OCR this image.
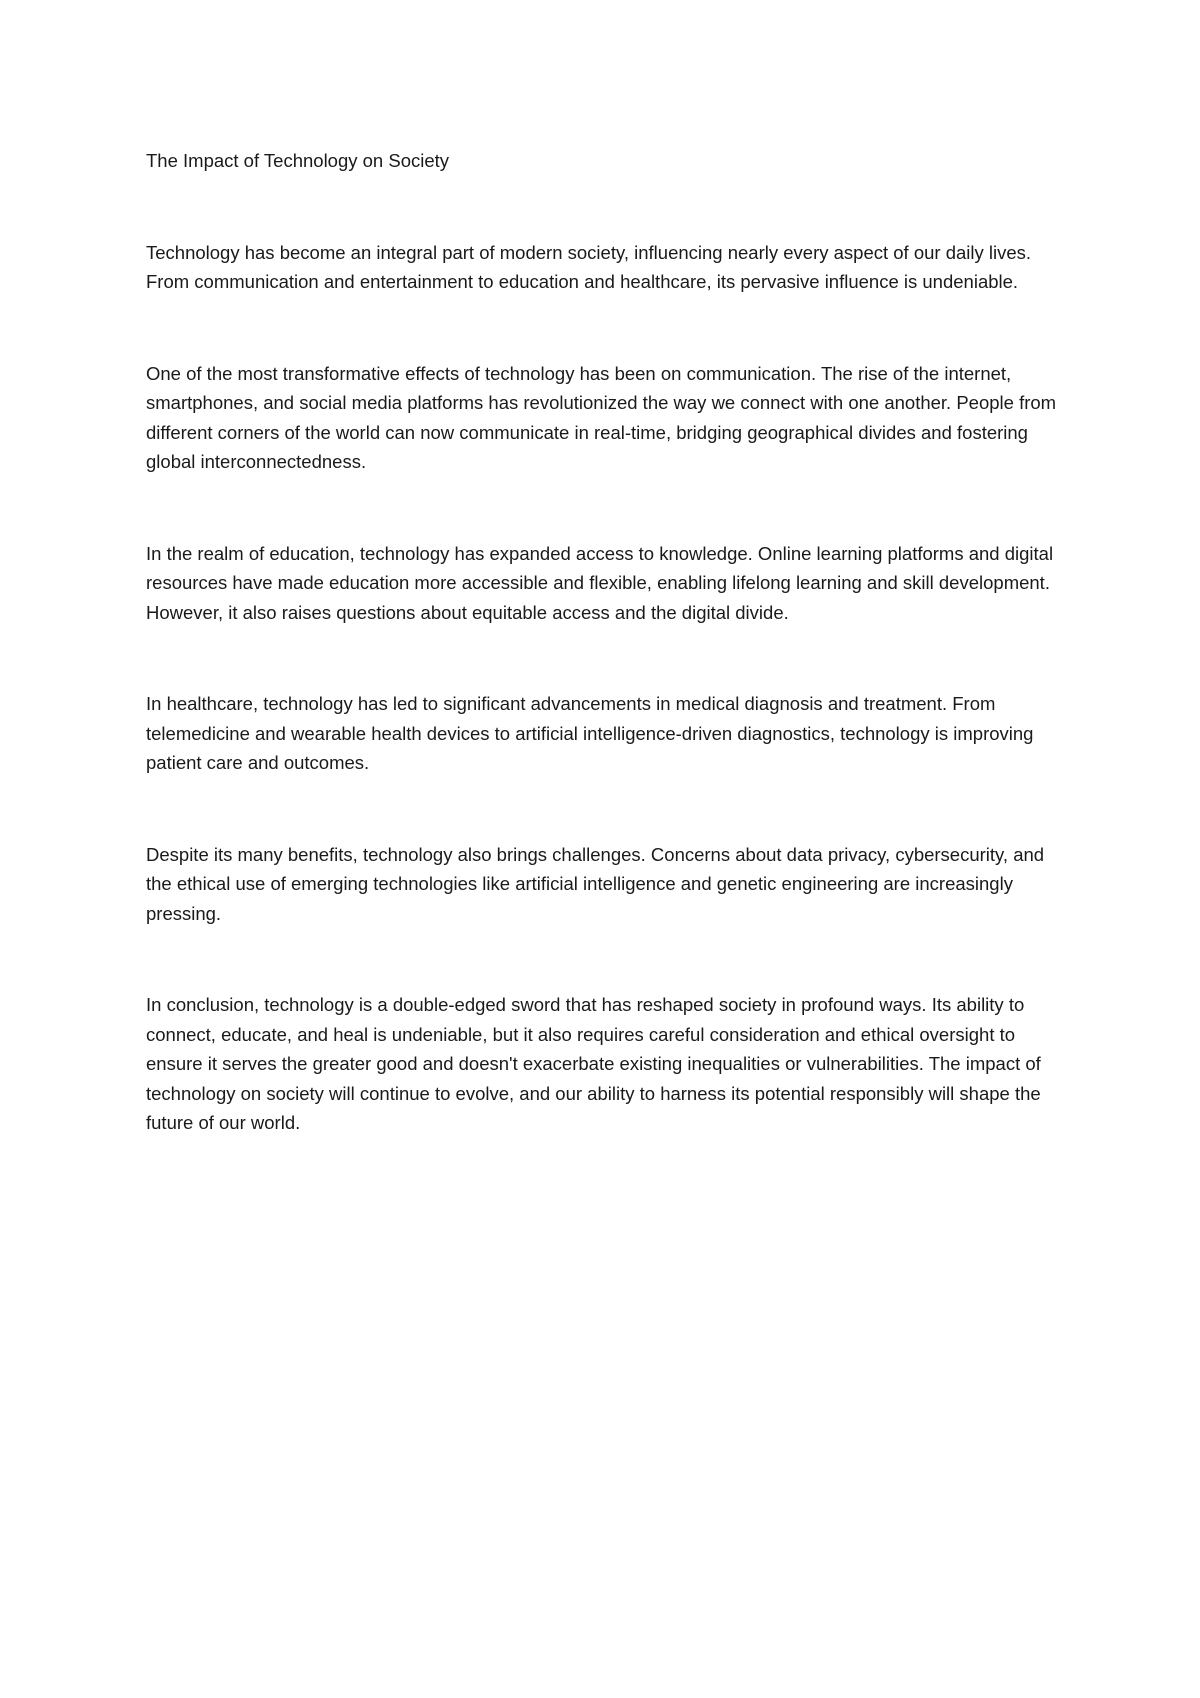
The Impact of Technology on Society

Technology has become an integral part of modern society, influencing nearly every aspect of our daily lives. From communication and entertainment to education and healthcare, its pervasive influence is undeniable.

One of the most transformative effects of technology has been on communication. The rise of the internet, smartphones, and social media platforms has revolutionized the way we connect with one another. People from different corners of the world can now communicate in real-time, bridging geographical divides and fostering global interconnectedness.

In the realm of education, technology has expanded access to knowledge. Online learning platforms and digital resources have made education more accessible and flexible, enabling lifelong learning and skill development. However, it also raises questions about equitable access and the digital divide.

In healthcare, technology has led to significant advancements in medical diagnosis and treatment. From telemedicine and wearable health devices to artificial intelligence-driven diagnostics, technology is improving patient care and outcomes.

Despite its many benefits, technology also brings challenges. Concerns about data privacy, cybersecurity, and the ethical use of emerging technologies like artificial intelligence and genetic engineering are increasingly pressing.

In conclusion, technology is a double-edged sword that has reshaped society in profound ways. Its ability to connect, educate, and heal is undeniable, but it also requires careful consideration and ethical oversight to ensure it serves the greater good and doesn't exacerbate existing inequalities or vulnerabilities. The impact of technology on society will continue to evolve, and our ability to harness its potential responsibly will shape the future of our world.
